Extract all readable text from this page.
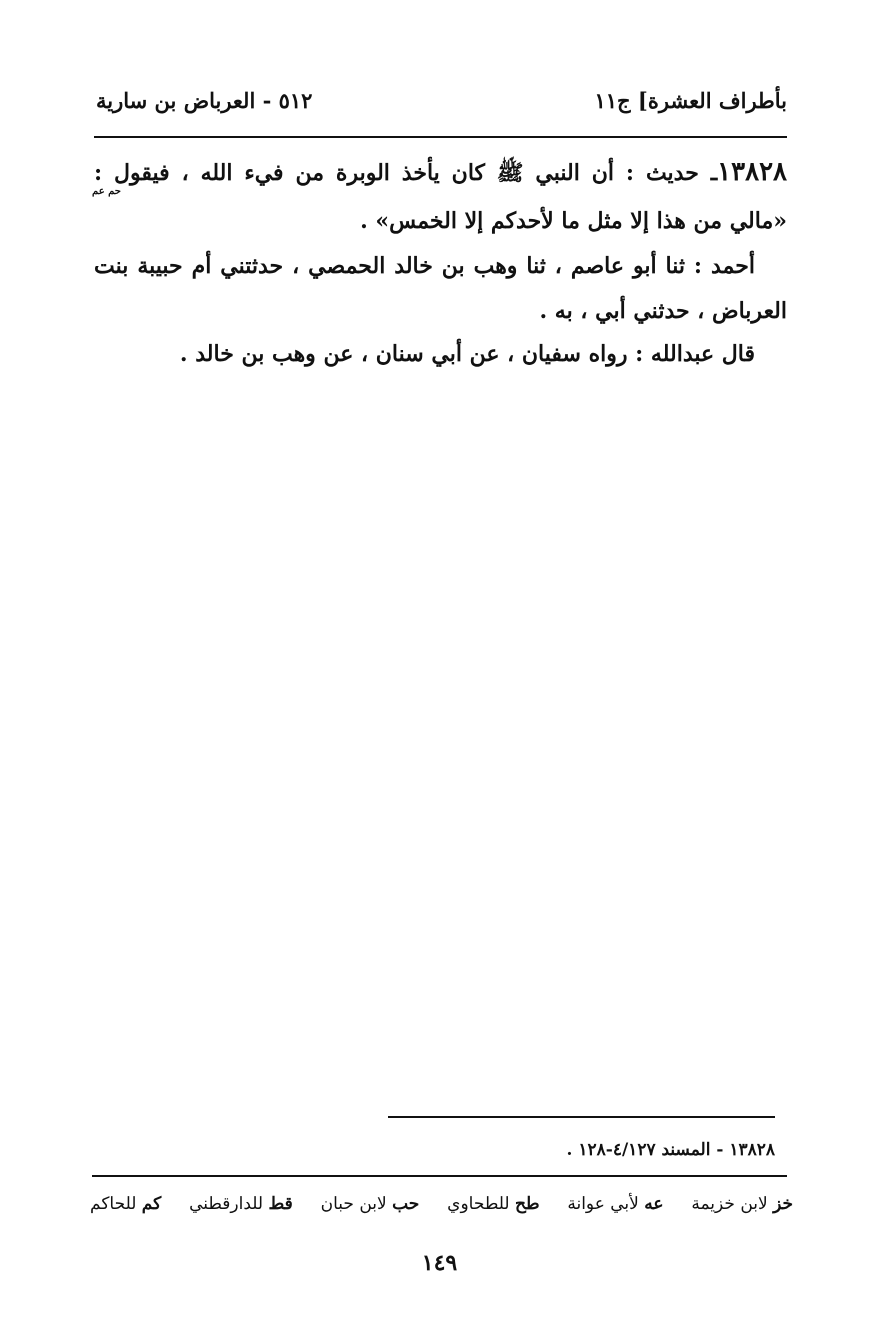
بأطراف العشرة] ج١١
٥١٢ - العرباض بن سارية
١٣٨٢٨ـ حديث : أن النبي ﷺ كان يأخذ الوبرة من فيء الله ، فيقول :
حم عم
«مالي من هذا إلا مثل ما لأحدكم إلا الخمس» .
أحمد : ثنا أبو عاصم ، ثنا وهب بن خالد الحمصي ، حدثتني أم حبيبة بنت
العرباض ، حدثني أبي ، به .
قال عبدالله : رواه سفيان ، عن أبي سنان ، عن وهب بن خالد .
١٣٨٢٨ - المسند ٤/١٢٧-١٢٨ .
خز لابن خزيمة
عه لأبي عوانة
طح للطحاوي
حب لابن حبان
قط للدارقطني
كم للحاكم
١٤٩
